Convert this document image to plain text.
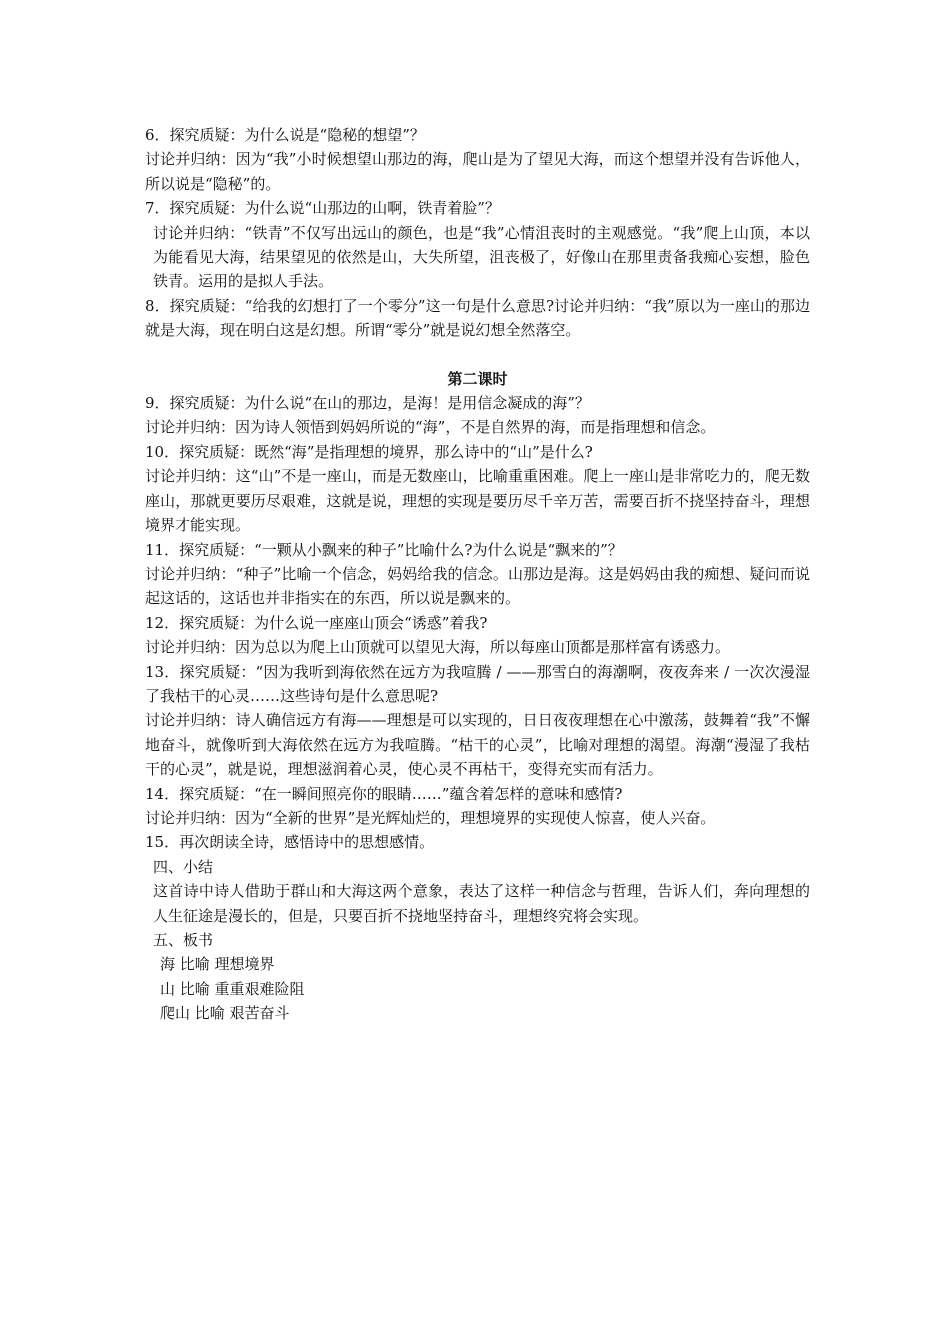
6．探究质疑：为什么说是“隐秘的想望”？

讨论并归纳：因为“我”小时候想望山那边的海，爬山是为了望见大海，而这个想望并没有告诉他人，所以说是“隐秘”的。

7．探究质疑：为什么说“山那边的山啊，铁青着脸”？

讨论并归纳：“铁青”不仅写出远山的颜色，也是“我”心情沮丧时的主观感觉。“我”爬上山顶，本以为能看见大海，结果望见的依然是山，大失所望，沮丧极了，好像山在那里责备我痴心妄想，脸色铁青。运用的是拟人手法。

8．探究质疑：“给我的幻想打了一个零分”这一句是什么意思?讨论并归纳：“我”原以为一座山的那边就是大海，现在明白这是幻想。所谓“零分”就是说幻想全然落空。

第二课时

9．探究质疑：为什么说“在山的那边，是海！是用信念凝成的海”？

讨论并归纳：因为诗人领悟到妈妈所说的“海”，不是自然界的海，而是指理想和信念。

10．探究质疑：既然“海”是指理想的境界，那么诗中的“山”是什么?

讨论并归纳：这“山”不是一座山，而是无数座山，比喻重重困难。爬上一座山是非常吃力的，爬无数座山，那就更要历尽艰难，这就是说，理想的实现是要历尽千辛万苦，需要百折不挠坚持奋斗，理想境界才能实现。

11．探究质疑：“一颗从小飘来的种子”比喻什么?为什么说是“飘来的”？

讨论并归纳：“种子”比喻一个信念，妈妈给我的信念。山那边是海。这是妈妈由我的痴想、疑问而说起这话的，这话也并非指实在的东西，所以说是飘来的。

12．探究质疑：为什么说一座座山顶会“诱惑”着我?

讨论并归纳：因为总以为爬上山顶就可以望见大海，所以每座山顶都是那样富有诱惑力。

13．探究质疑：“因为我听到海依然在远方为我喧腾 / ——那雪白的海潮啊，夜夜奔来 / 一次次漫湿了我枯干的心灵……这些诗句是什么意思呢?

讨论并归纳：诗人确信远方有海——理想是可以实现的，日日夜夜理想在心中激荡，鼓舞着“我”不懈地奋斗，就像听到大海依然在远方为我喧腾。“枯干的心灵”，比喻对理想的渴望。海潮“漫湿了我枯干的心灵”，就是说，理想滋润着心灵，使心灵不再枯干，变得充实而有活力。

14．探究质疑：“在一瞬间照亮你的眼睛……”蕴含着怎样的意味和感情?

讨论并归纳：因为“全新的世界”是光辉灿烂的，理想境界的实现使人惊喜，使人兴奋。

15．再次朗读全诗，感悟诗中的思想感情。

四、小结

这首诗中诗人借助于群山和大海这两个意象，表达了这样一种信念与哲理，告诉人们，奔向理想的人生征途是漫长的，但是，只要百折不挠地坚持奋斗，理想终究将会实现。

五、板书

海 比喻 理想境界

山 比喻 重重艰难险阻

爬山 比喻 艰苦奋斗
